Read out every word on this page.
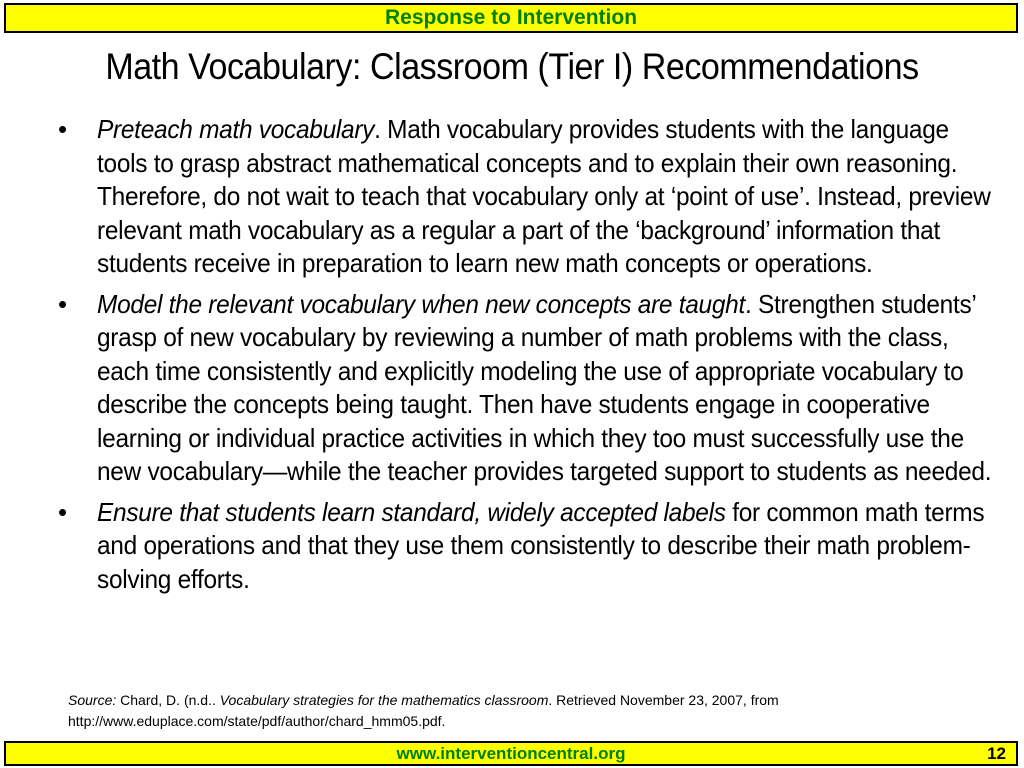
Response to Intervention
Math Vocabulary: Classroom (Tier I) Recommendations
• Preteach math vocabulary. Math vocabulary provides students with the language tools to grasp abstract mathematical concepts and to explain their own reasoning. Therefore, do not wait to teach that vocabulary only at ‘point of use’. Instead, preview relevant math vocabulary as a regular a part of the ‘background’ information that students receive in preparation to learn new math concepts or operations.
• Model the relevant vocabulary when new concepts are taught. Strengthen students’ grasp of new vocabulary by reviewing a number of math problems with the class, each time consistently and explicitly modeling the use of appropriate vocabulary to describe the concepts being taught. Then have students engage in cooperative learning or individual practice activities in which they too must successfully use the new vocabulary—while the teacher provides targeted support to students as needed.
• Ensure that students learn standard, widely accepted labels for common math terms and operations and that they use them consistently to describe their math problem-solving efforts.
Source: Chard, D. (n.d.. Vocabulary strategies for the mathematics classroom. Retrieved November 23, 2007, from http://www.eduplace.com/state/pdf/author/chard_hmm05.pdf.
www.interventioncentral.org	12
